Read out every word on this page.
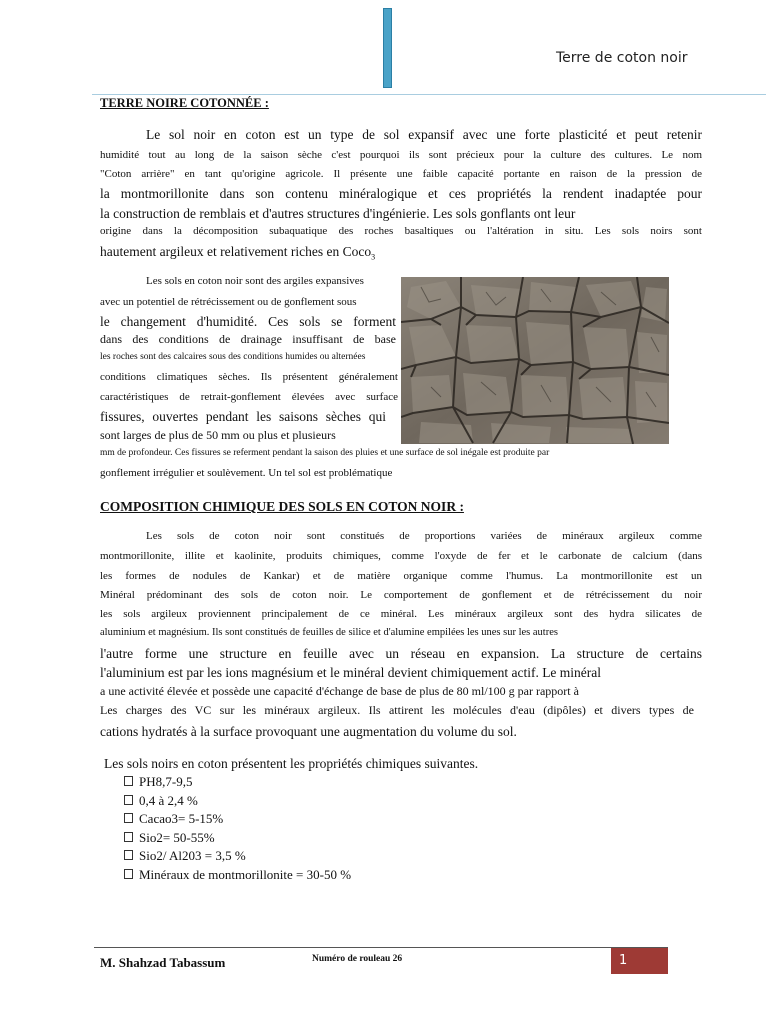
Terre de coton noir
TERRE NOIRE COTONNÉE :
Le sol noir en coton est un type de sol expansif avec une forte plasticité et peut retenir
humidité tout au long de la saison sèche c'est pourquoi ils sont précieux pour la culture des cultures. Le nom
"Coton arrière" en tant qu'origine agricole. Il présente une faible capacité portante en raison de la pression de
la montmorillonite dans son contenu minéralogique et ces propriétés la rendent inadaptée pour
la construction de remblais et d'autres structures d'ingénierie. Les sols gonflants ont leur
origine dans la décomposition subaquatique des roches basaltiques ou l'altération in situ. Les sols noirs sont
hautement argileux et relativement riches en Coco$_3$
Les sols en coton noir sont des argiles expansives
avec un potentiel de rétrécissement ou de gonflement sous
le changement d'humidité. Ces sols se forment
dans des conditions de drainage insuffisant de base
les roches sont des calcaires sous des conditions humides ou alternées
conditions climatiques sèches. Ils présentent généralement
caractéristiques de retrait-gonflement élevées avec surface
fissures, ouvertes pendant les saisons sèches qui
sont larges de plus de 50 mm ou plus et plusieurs
mm de profondeur. Ces fissures se referment pendant la saison des pluies et une surface de sol inégale est produite par
gonflement irrégulier et soulèvement. Un tel sol est problématique
COMPOSITION CHIMIQUE DES SOLS EN COTON NOIR :
Les sols de coton noir sont constitués de proportions variées de minéraux argileux comme
montmorillonite, illite et kaolinite, produits chimiques, comme l'oxyde de fer et le carbonate de calcium (dans
les formes de nodules de Kankar) et de matière organique comme l'humus. La montmorillonite est un
Minéral prédominant des sols de coton noir. Le comportement de gonflement et de rétrécissement du noir
les sols argileux proviennent principalement de ce minéral. Les minéraux argileux sont des hydra silicates de
aluminium et magnésium. Ils sont constitués de feuilles de silice et d'alumine empilées les unes sur les autres
l'autre forme une structure en feuille avec un réseau en expansion. La structure de certains
l'aluminium est par les ions magnésium et le minéral devient chimiquement actif. Le minéral
a une activité élevée et possède une capacité d'échange de base de plus de 80 ml/100 g par rapport à
Les charges des VC sur les minéraux argileux. Ils attirent les molécules d'eau (dipôles) et divers types de
cations hydratés à la surface provoquant une augmentation du volume du sol.
Les sols noirs en coton présentent les propriétés chimiques suivantes.
PH8,7-9,5
0,4 à 2,4 %
Cacao3= 5-15%
Sio2= 50-55%
Sio2/ Al203 = 3,5 %
Minéraux de montmorillonite = 30-50 %
M. Shahzad Tabassum	Numéro de rouleau 26	1
